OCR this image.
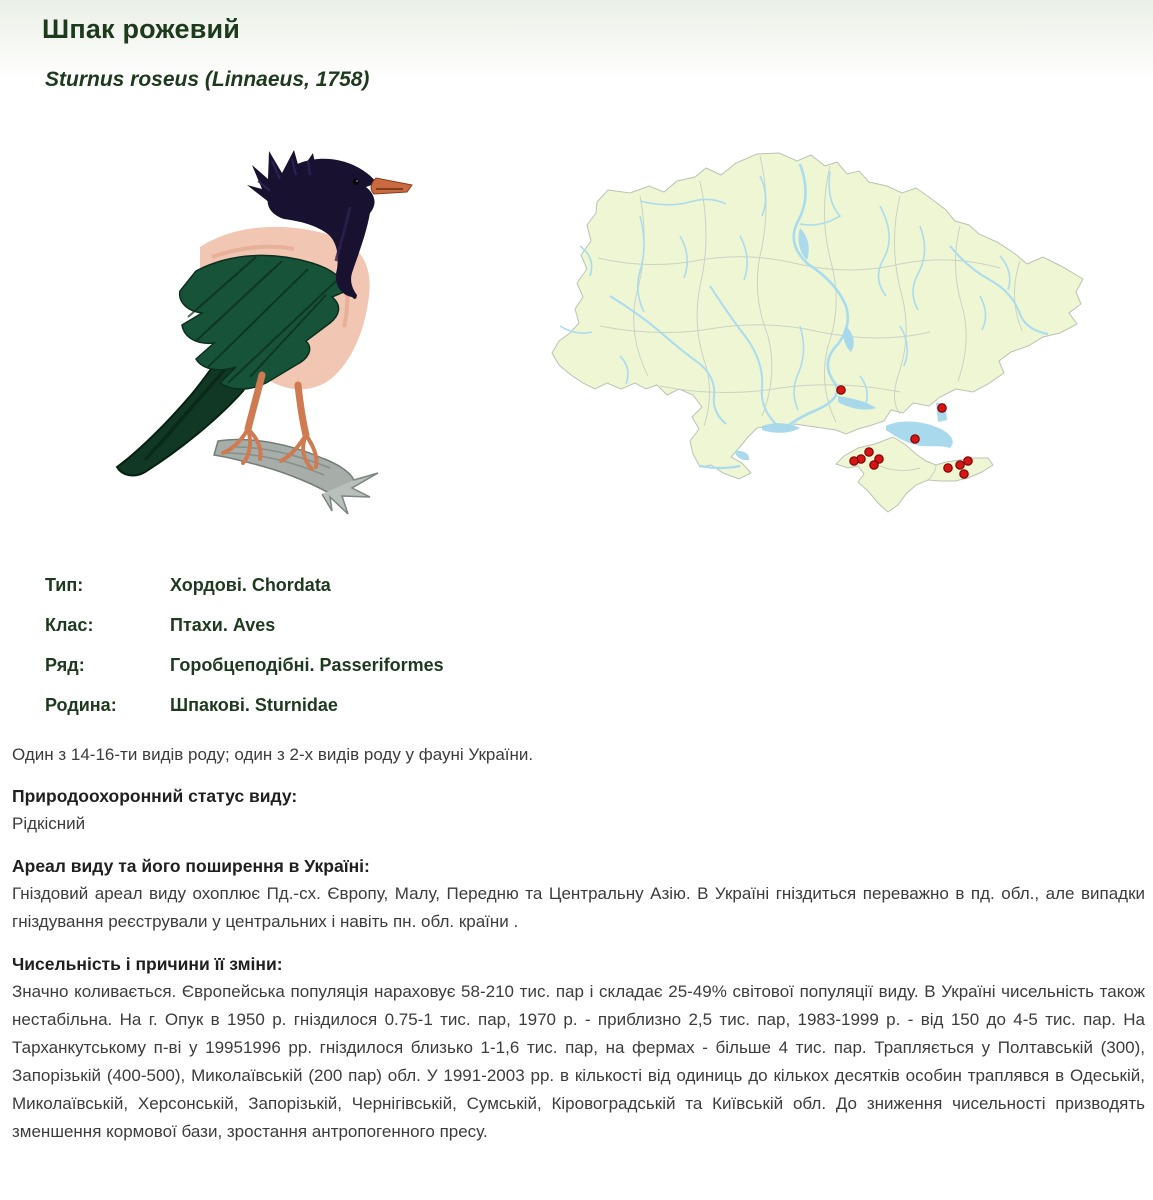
Шпак рожевий
Sturnus roseus (Linnaeus, 1758)
Тип:	Хордові. Chordata
Клас:	Птахи. Aves
Ряд:	Горобцеподібні. Passeriformes
Родина:	Шпакові. Sturnidae

Один з 14-16-ти видів роду; один з 2-х видів роду у фауні України.

Природоохоронний статус виду:

Рідкісний

Ареал виду та його поширення в Україні:

Гніздовий ареал виду охоплює Пд.-сх. Європу, Малу, Передню та Центральну Азію. В Україні гніздиться переважно в пд. обл., але випадки гніздування реєстрували у центральних і навіть пн. обл. країни .

Чисельність і причини її зміни:

Значно коливається. Європейська популяція нараховує 58-210 тис. пар і складає 25-49% світової популяції виду. В Україні чисельність також нестабільна. На г. Опук в 1950 р. гніздилося 0.75-1 тис. пар, 1970 р. - приблизно 2,5 тис. пар, 1983-1999 р. - від 150 до 4-5 тис. пар. На Тарханкутському п-ві у 19951996 рр. гніздилося близько 1-1,6 тис. пар, на фермах - більше 4 тис. пар. Трапляється у Полтавській (300), Запорізькій (400-500), Миколаївській (200 пар) обл. У 1991-2003 рр. в кількості від одиниць до кількох десятків особин траплявся в Одеській, Миколаївській, Херсонській, Запорізькій, Чернігівській, Сумській, Кіровоградській та Київській обл. До зниження чисельності призводять зменшення кормової бази, зростання антропогенного пресу.
